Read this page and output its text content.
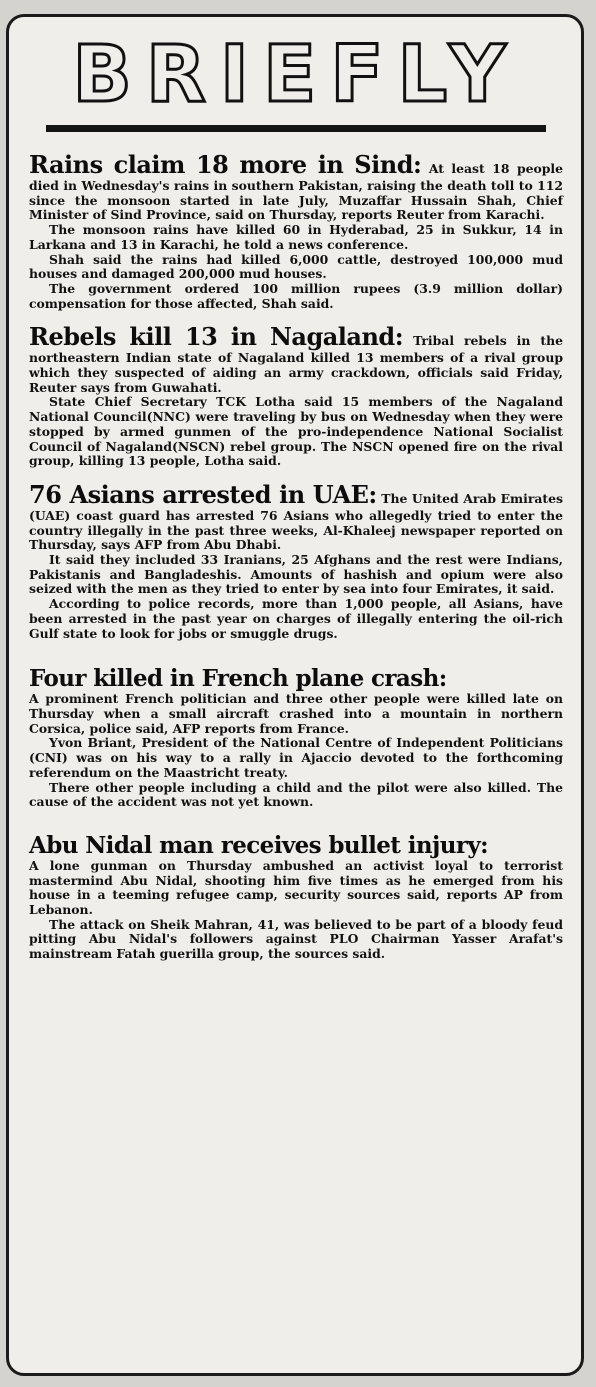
BRIEFLY

Rains claim 18 more in Sind: At least 18 people died in Wednesday's rains in southern Pakistan, raising the death toll to 112 since the monsoon started in late July, Muzaffar Hussain Shah, Chief Minister of Sind Province, said on Thursday, reports Reuter from Karachi.

The monsoon rains have killed 60 in Hyderabad, 25 in Sukkur, 14 in Larkana and 13 in Karachi, he told a news conference.

Shah said the rains had killed 6,000 cattle, destroyed 100,000 mud houses and damaged 200,000 mud houses.

The government ordered 100 million rupees (3.9 million dollar) compensation for those affected, Shah said.

Rebels kill 13 in Nagaland: Tribal rebels in the northeastern Indian state of Nagaland killed 13 members of a rival group which they suspected of aiding an army crackdown, officials said Friday, Reuter says from Guwahati.

State Chief Secretary TCK Lotha said 15 members of the Nagaland National Council(NNC) were traveling by bus on Wednesday when they were stopped by armed gunmen of the pro-independence National Socialist Council of Nagaland(NSCN) rebel group. The NSCN opened fire on the rival group, killing 13 people, Lotha said.

76 Asians arrested in UAE: The United Arab Emirates (UAE) coast guard has arrested 76 Asians who allegedly tried to enter the country illegally in the past three weeks, Al-Khaleej newspaper reported on Thursday, says AFP from Abu Dhabi.

It said they included 33 Iranians, 25 Afghans and the rest were Indians, Pakistanis and Bangladeshis. Amounts of hashish and opium were also seized with the men as they tried to enter by sea into four Emirates, it said.

According to police records, more than 1,000 people, all Asians, have been arrested in the past year on charges of illegally entering the oil-rich Gulf state to look for jobs or smuggle drugs.

Four killed in French plane crash:

A prominent French politician and three other people were killed late on Thursday when a small aircraft crashed into a mountain in northern Corsica, police said, AFP reports from France.

Yvon Briant, President of the National Centre of Independent Politicians (CNI) was on his way to a rally in Ajaccio devoted to the forthcoming referendum on the Maastricht treaty.

There other people including a child and the pilot were also killed. The cause of the accident was not yet known.

Abu Nidal man receives bullet injury:

A lone gunman on Thursday ambushed an activist loyal to terrorist mastermind Abu Nidal, shooting him five times as he emerged from his house in a teeming refugee camp, security sources said, reports AP from Lebanon.

The attack on Sheik Mahran, 41, was believed to be part of a bloody feud pitting Abu Nidal's followers against PLO Chairman Yasser Arafat's mainstream Fatah guerilla group, the sources said.
